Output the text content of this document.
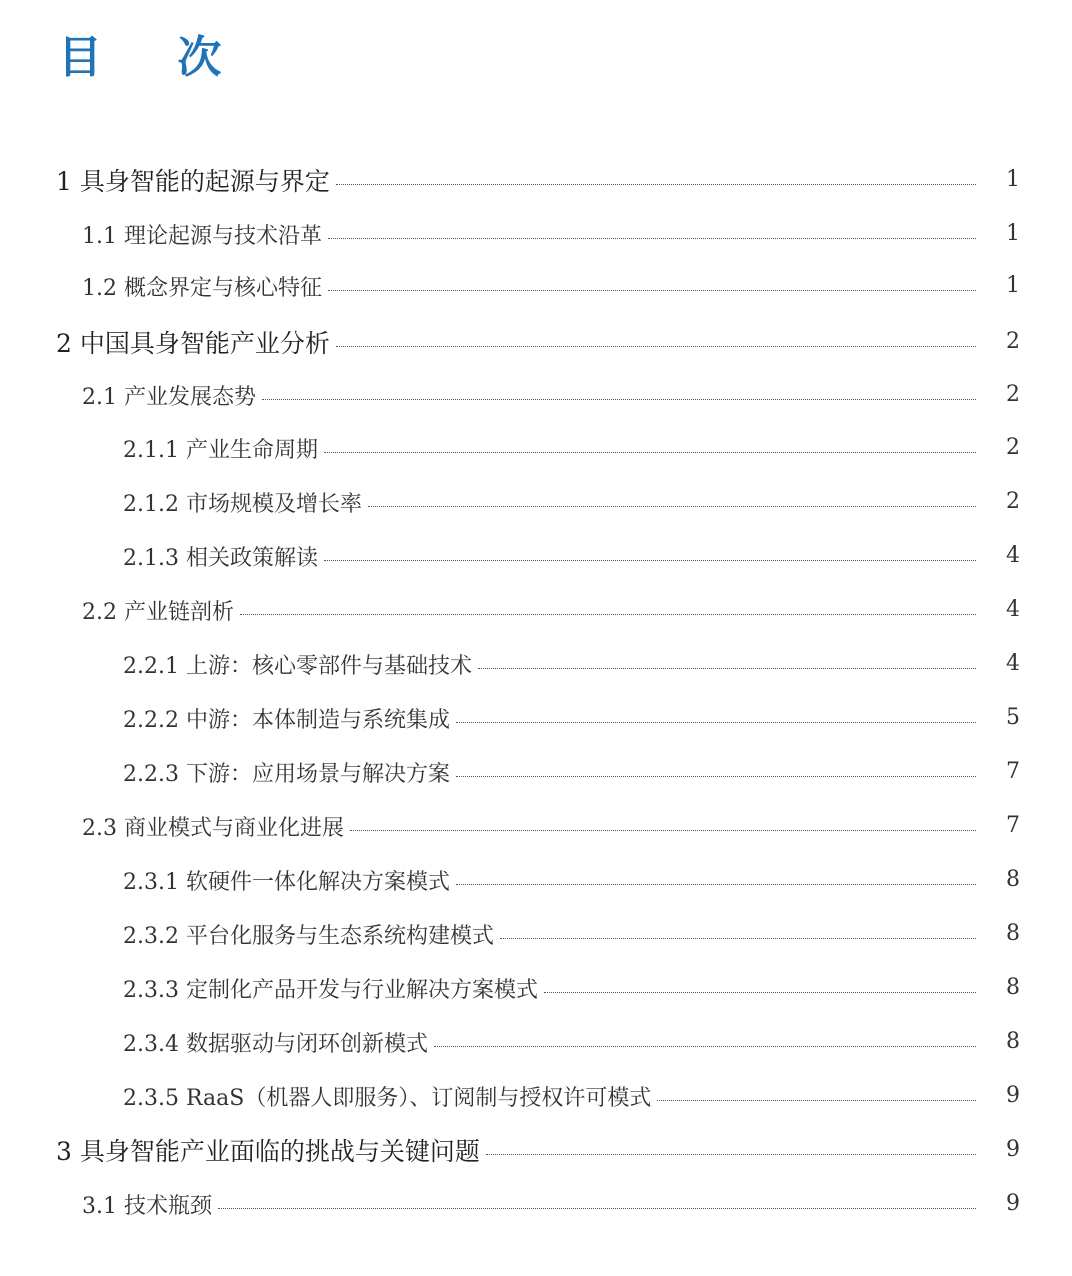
目 次
1 具身智能的起源与界定	1
1.1 理论起源与技术沿革	1
1.2 概念界定与核心特征	1
2 中国具身智能产业分析	2
2.1 产业发展态势	2
2.1.1 产业生命周期	2
2.1.2 市场规模及增长率	2
2.1.3 相关政策解读	4
2.2 产业链剖析	4
2.2.1 上游：核心零部件与基础技术	4
2.2.2 中游：本体制造与系统集成	5
2.2.3 下游：应用场景与解决方案	7
2.3 商业模式与商业化进展	7
2.3.1 软硬件一体化解决方案模式	8
2.3.2 平台化服务与生态系统构建模式	8
2.3.3 定制化产品开发与行业解决方案模式	8
2.3.4 数据驱动与闭环创新模式	8
2.3.5 RaaS（机器人即服务）、订阅制与授权许可模式	9
3 具身智能产业面临的挑战与关键问题	9
3.1 技术瓶颈	9
